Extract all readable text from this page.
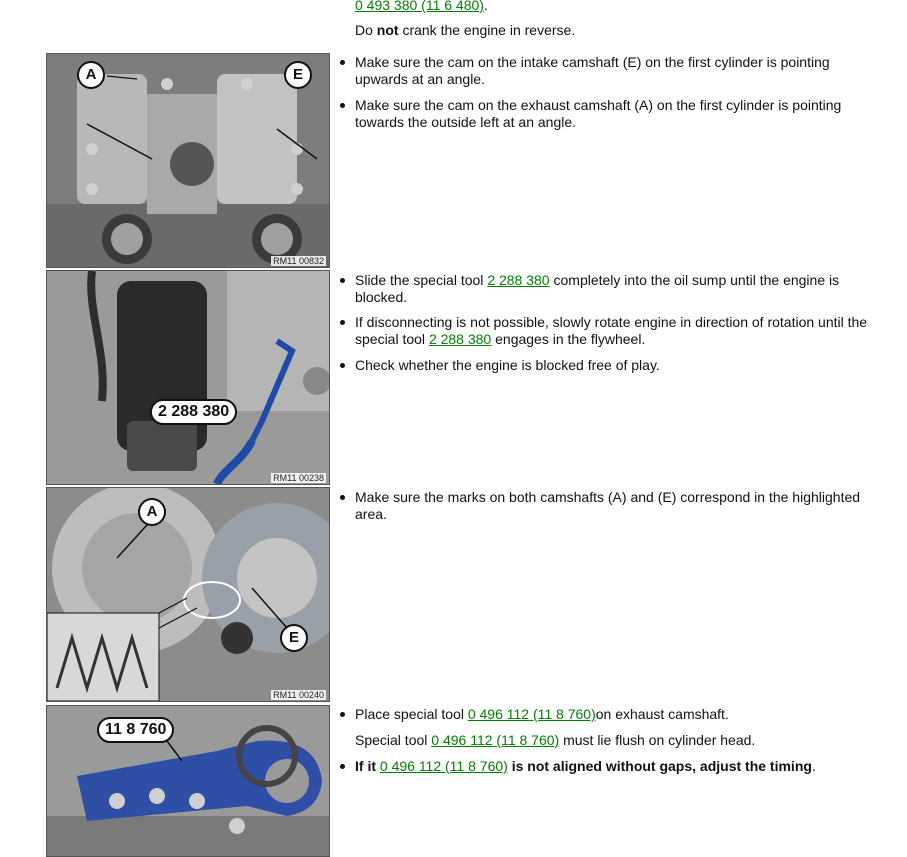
0 493 380 (11 6 480).
Do not crank the engine in reverse.
A	E
RM11 00832
Make sure the cam on the intake camshaft (E) on the first cylinder is pointing upwards at an angle.
Make sure the cam on the exhaust camshaft (A) on the first cylinder is pointing towards the outside left at an angle.
2 288 380
RM11 00238
Slide the special tool 2 288 380 completely into the oil sump until the engine is blocked.
If disconnecting is not possible, slowly rotate engine in direction of rotation until the special tool 2 288 380 engages in the flywheel.
Check whether the engine is blocked free of play.
A
E
RM11 00240
Make sure the marks on both camshafts (A) and (E) correspond in the highlighted area.
11 8 760
Place special tool 0 496 112 (11 8 760)on exhaust camshaft.
Special tool 0 496 112 (11 8 760) must lie flush on cylinder head.
If it 0 496 112 (11 8 760) is not aligned without gaps, adjust the timing.
